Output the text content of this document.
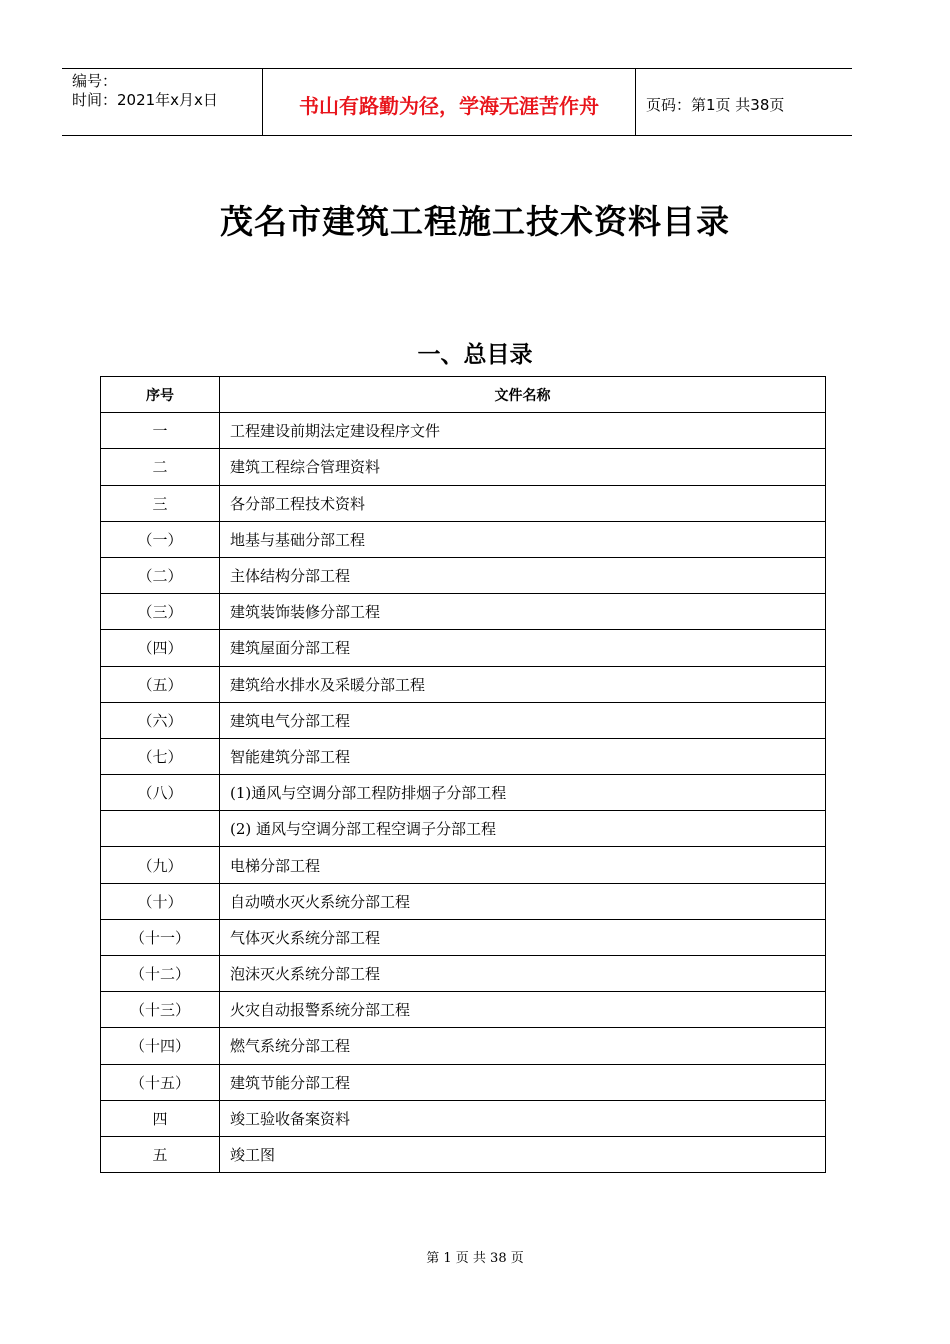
编号：
时间：2021年x月x日	书山有路勤为径，学海无涯苦作舟	页码：第1页 共38页
茂名市建筑工程施工技术资料目录
一、总目录
序号	文件名称
一	工程建设前期法定建设程序文件
二	建筑工程综合管理资料
三	各分部工程技术资料
（一）	地基与基础分部工程
（二）	主体结构分部工程
（三）	建筑装饰装修分部工程
（四）	建筑屋面分部工程
（五）	建筑给水排水及采暖分部工程
（六）	建筑电气分部工程
（七）	智能建筑分部工程
（八）	(1)通风与空调分部工程防排烟子分部工程
	(2) 通风与空调分部工程空调子分部工程
（九）	电梯分部工程
（十）	自动喷水灭火系统分部工程
（十一）	气体灭火系统分部工程
（十二）	泡沫灭火系统分部工程
（十三）	火灾自动报警系统分部工程
（十四）	燃气系统分部工程
（十五）	建筑节能分部工程
四	竣工验收备案资料
五	竣工图
第 1 页 共 38 页
